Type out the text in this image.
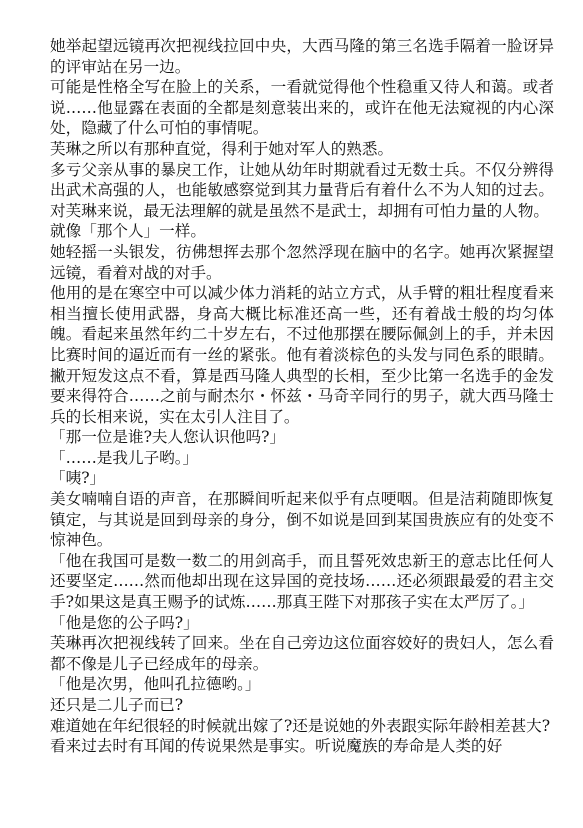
她举起望远镜再次把视线拉回中央，大西马隆的第三名选手隔着一脸讶异的评审站在另一边。

可能是性格全写在脸上的关系，一看就觉得他个性稳重又待人和蔼。或者说……他显露在表面的全都是刻意装出来的，或许在他无法窥视的内心深处，隐藏了什么可怕的事情呢。

芙琳之所以有那种直觉，得利于她对军人的熟悉。

多亏父亲从事的暴戾工作，让她从幼年时期就看过无数士兵。不仅分辨得出武术高强的人，也能敏感察觉到其力量背后有着什么不为人知的过去。对芙琳来说，最无法理解的就是虽然不是武士，却拥有可怕力量的人物。

就像「那个人」一样。

她轻摇一头银发，彷佛想挥去那个忽然浮现在脑中的名字。她再次紧握望远镜，看着对战的对手。

他用的是在寒空中可以减少体力消耗的站立方式，从手臂的粗壮程度看来相当擅长使用武器，身高大概比标准还高一些，还有着战士般的均匀体魄。看起来虽然年约二十岁左右，不过他那摆在腰际佩剑上的手，并未因比赛时间的逼近而有一丝的紧张。他有着淡棕色的头发与同色系的眼睛。撇开短发这点不看，算是西马隆人典型的长相，至少比第一名选手的金发要来得符合……之前与耐杰尔・怀兹・马奇辛同行的男子，就大西马隆士兵的长相来说，实在太引人注目了。

「那一位是谁?夫人您认识他吗?」

「……是我儿子哟。」

「咦?」

美女喃喃自语的声音，在那瞬间听起来似乎有点哽咽。但是洁莉随即恢复镇定，与其说是回到母亲的身分，倒不如说是回到某国贵族应有的处变不惊神色。

「他在我国可是数一数二的用剑高手，而且誓死效忠新王的意志比任何人还要坚定……然而他却出现在这异国的竞技场……还必须跟最爱的君主交手?如果这是真王赐予的试炼……那真王陛下对那孩子实在太严厉了。」

「他是您的公子吗?」

芙琳再次把视线转了回来。坐在自己旁边这位面容姣好的贵妇人，怎么看都不像是儿子已经成年的母亲。

「他是次男，他叫孔拉德哟。」

还只是二儿子而已?

难道她在年纪很轻的时候就出嫁了?还是说她的外表跟实际年龄相差甚大?

看来过去时有耳闻的传说果然是事实。听说魔族的寿命是人类的好
